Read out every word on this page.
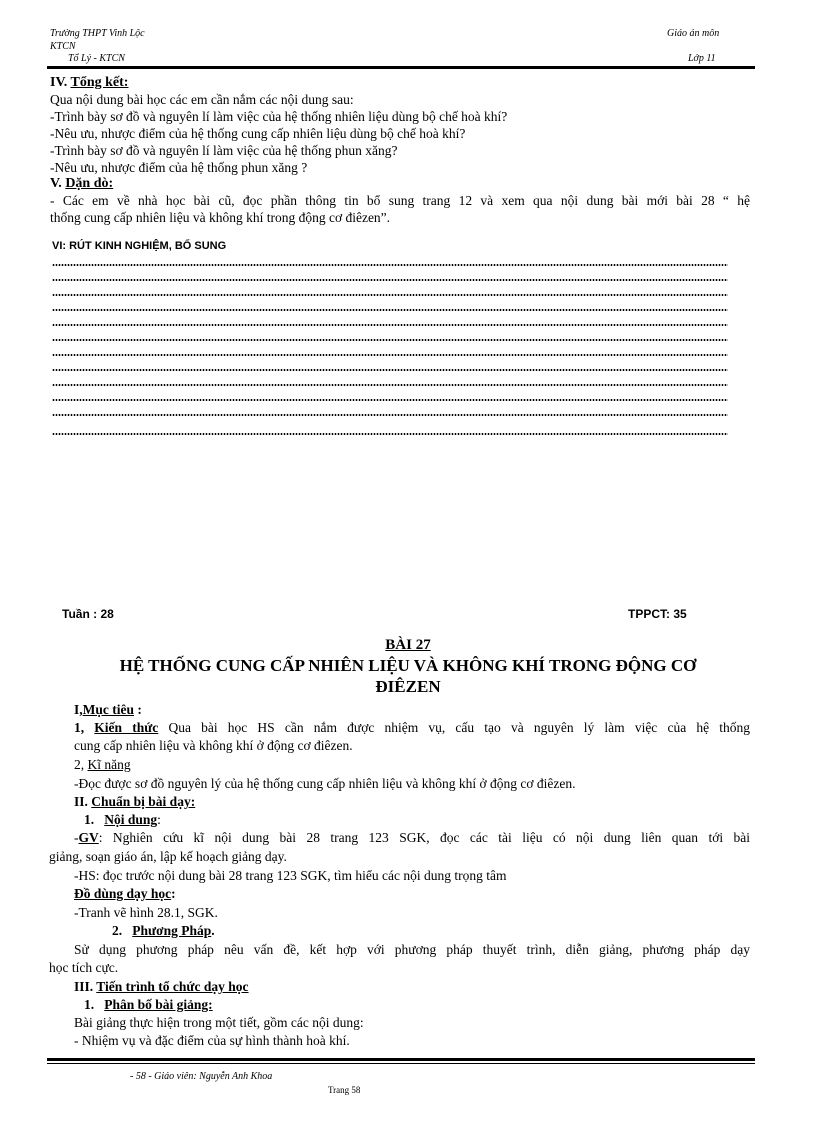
Trường THPT Vinh Lộc
KTCN
Tổ Lý - KTCN
Giáo án môn
Lớp 11
IV. Tổng kết:
Qua nội dung bài học các em cần nắm các nội dung sau:
-Trình bày sơ đồ và nguyên lí làm việc của hệ thống nhiên liệu dùng bộ chế hoà khí?
-Nêu ưu, nhược điểm của hệ thống cung cấp nhiên liệu dùng bộ chế hoà khí?
-Trình bày sơ đồ và nguyên lí làm việc của hệ thống phun xăng?
-Nêu ưu, nhược điểm của hệ thống phun xăng ?
V. Dặn dò:
- Các em về nhà học bài cũ, đọc phần thông tin bổ sung trang 12 và xem qua nội dung bài mới bài 28 “ hệ
thống cung cấp nhiên liệu và không khí trong động cơ điêzen”.
VI: RÚT KINH NGHIỆM, BỔ SUNG
Tuần : 28	TPPCT: 35
BÀI 27
HỆ THỐNG CUNG CẤP NHIÊN LIỆU VÀ KHÔNG KHÍ TRONG ĐỘNG CƠ
ĐIÊZEN
I,Mục tiêu :
1, Kiến thức Qua bài học HS cần nắm được nhiệm vụ, cấu tạo và nguyên lý làm việc của hệ thống
cung cấp nhiên liệu và không khí ở động cơ điêzen.
2, Kĩ năng
-Đọc được sơ đồ nguyên lý của hệ thống cung cấp nhiên liệu và không khí ở động cơ điêzen.
II. Chuẩn bị bài dạy:
1. Nội dung:
-GV: Nghiên cứu kĩ nội dung bài 28 trang 123 SGK, đọc các tài liệu có nội dung liên quan tới bài
giảng, soạn giáo án, lập kế hoạch giảng dạy.
-HS: đọc trước nội dung bài 28 trang 123 SGK, tìm hiểu các nội dung trọng tâm
Đồ dùng dạy học:
-Tranh vẽ hình 28.1, SGK.
2. Phương Pháp.
Sử dụng phương pháp nêu vấn đề, kết hợp với phương pháp thuyết trình, diễn giảng, phương pháp dạy
học tích cực.
III. Tiến trình tổ chức dạy học
1. Phân bố bài giảng:
Bài giảng thực hiện trong một tiết, gồm các nội dung:
- Nhiệm vụ và đặc điểm của sự hình thành hoà khí.
- 58 - Giáo viên: Nguyễn Anh Khoa
Trang 58
